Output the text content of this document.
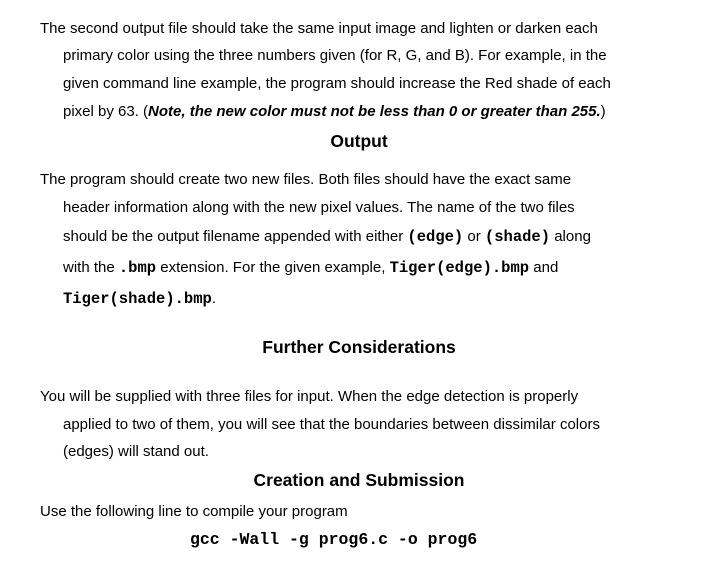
The second output file should take the same input image and lighten or darken each
primary color using the three numbers given (for R, G, and B). For example, in the
given command line example, the program should increase the Red shade of each
pixel by 63. (Note, the new color must not be less than 0 or greater than 255.)
Output
The program should create two new files. Both files should have the exact same
header information along with the new pixel values. The name of the two files
should be the output filename appended with either (edge) or (shade) along
with the .bmp extension. For the given example, Tiger(edge).bmp and
Tiger(shade).bmp.
Further Considerations
You will be supplied with three files for input. When the edge detection is properly
applied to two of them, you will see that the boundaries between dissimilar colors
(edges) will stand out.
Creation and Submission
Use the following line to compile your program
gcc -Wall -g prog6.c -o prog6
